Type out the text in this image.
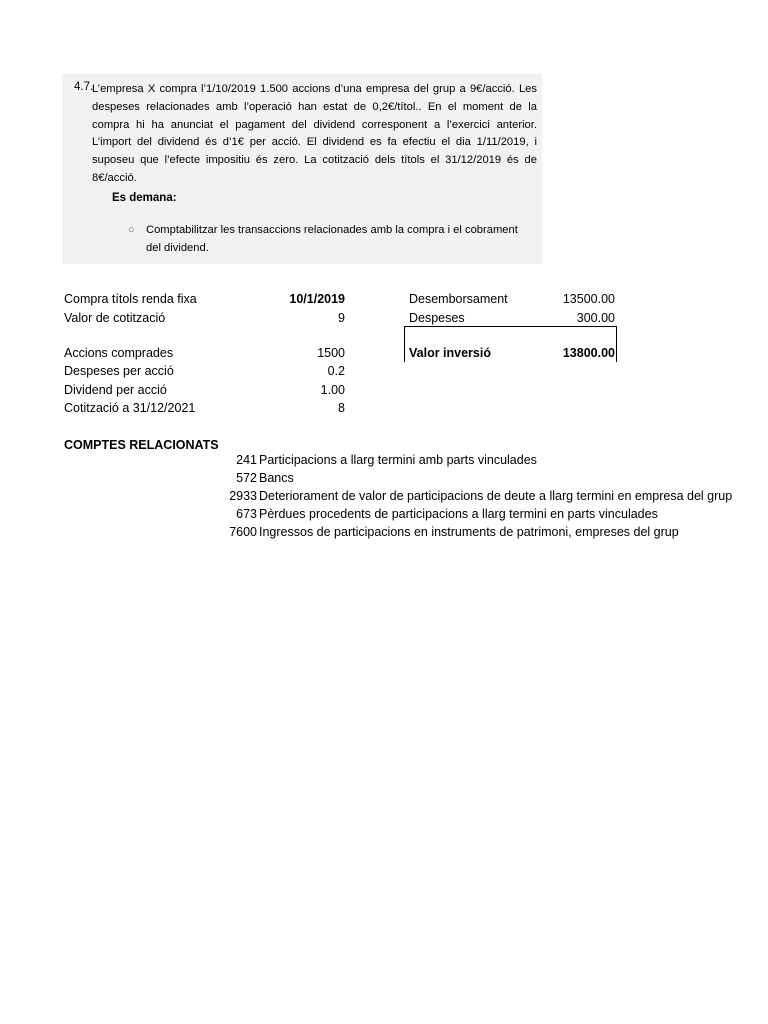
4.7.
L’empresa X compra l’1/10/2019 1.500 accions d’una empresa del grup a 9€/acció. Les despeses relacionades amb l’operació han estat de 0,2€/títol.. En el moment de la compra hi ha anunciat el pagament del dividend corresponent a l’exercici anterior. L’import del dividend és d’1€ per acció. El dividend es fa efectiu el dia 1/11/2019, i suposeu que l’efecte impositiu és zero. La cotització dels títols el 31/12/2019 és de 8€/acció.
Es demana:
○ Comptabilitzar les transaccions relacionades amb la compra i el cobrament del dividend.
Compra títols renda fixa	10/1/2019
Valor de cotització	9
Accions comprades	1500
Despeses per acció	0.2
Dividend per acció	1.00
Cotització a 31/12/2021	8
Desemborsament	13500.00
Despeses	300.00
Valor inversió	13800.00
COMPTES RELACIONATS
241 Participacions a llarg termini amb parts vinculades
572 Bancs
2933 Deteriorament de valor de participacions de deute a llarg termini en empresa del grup
673 Pèrdues procedents de participacions a llarg termini en parts vinculades
7600 Ingressos de participacions en instruments de patrimoni, empreses del grup
